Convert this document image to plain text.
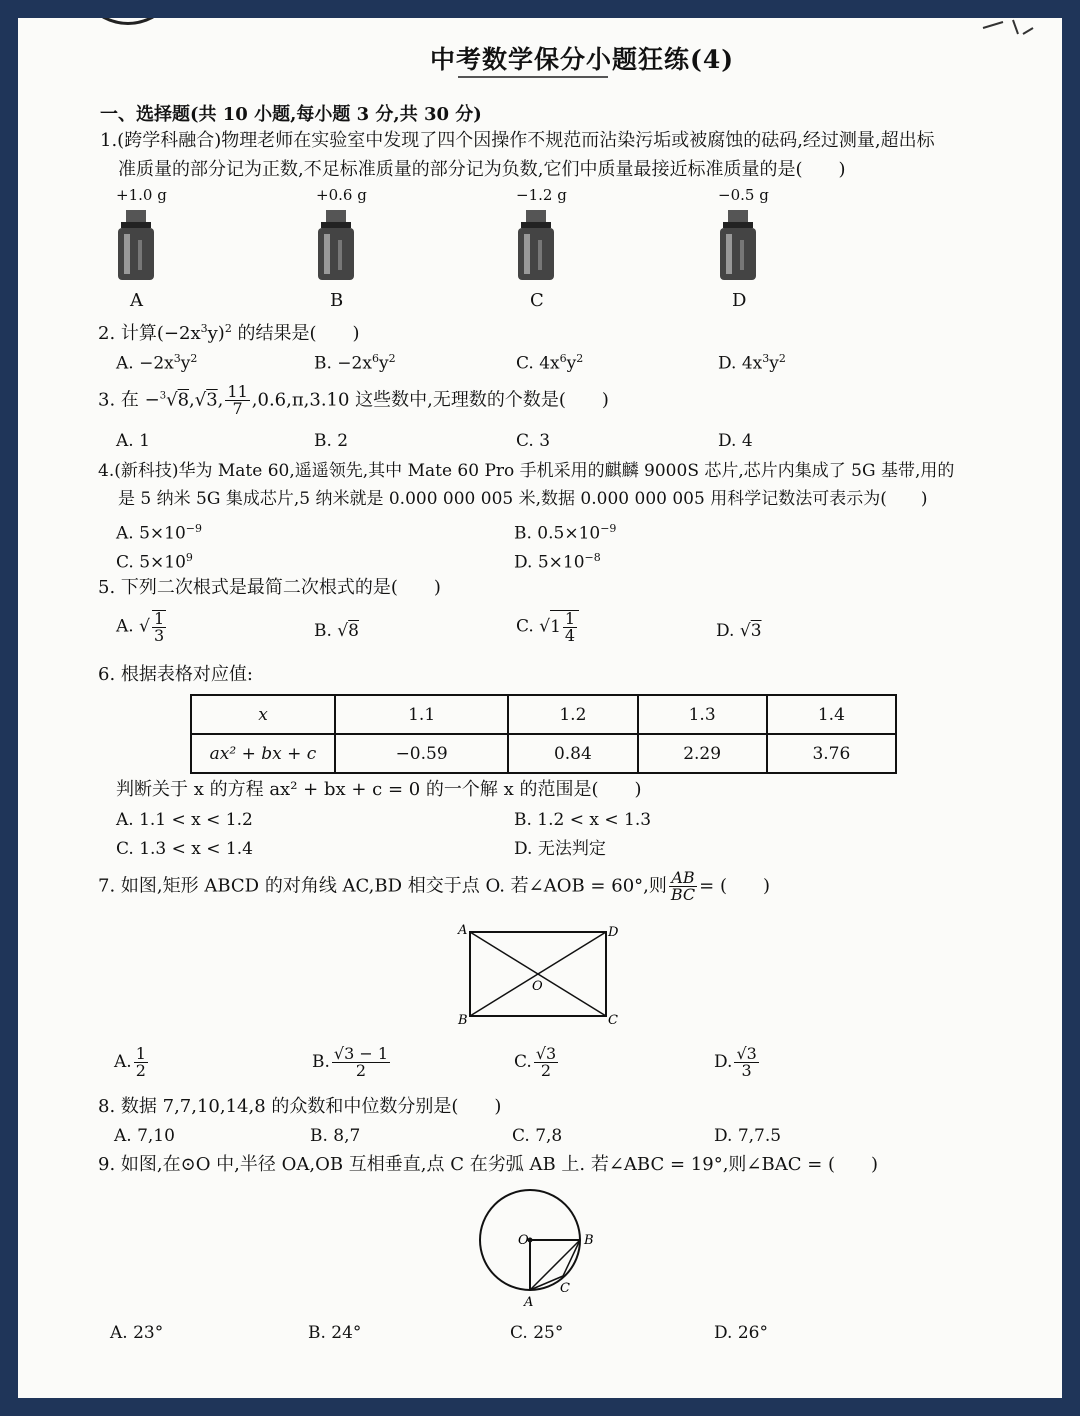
中考数学保分小题狂练(4)
一、选择题(共 10 小题,每小题 3 分,共 30 分)
1.(跨学科融合)物理老师在实验室中发现了四个因操作不规范而沾染污垢或被腐蚀的砝码,经过测量,超出标
准质量的部分记为正数,不足标准质量的部分记为负数,它们中质量最接近标准质量的是(　　)
+1.0 g
A
+0.6 g
B
−1.2 g
C
−0.5 g
D
2. 计算$(-2x^3y)^2$ 的结果是(　　)
A. $-2x^3y^2$	B. $-2x^6y^2$	C. $4x^6y^2$	D. $4x^3y^2$
3. 在 −$^3$√8,√3, $\frac{11}{7} ,0.6,\pi,3.10$ 这些数中,无理数的个数是(　　)
A. 1	B. 2	C. 3	D. 4
4.(新科技)华为 Mate 60,遥遥领先,其中 Mate 60 Pro 手机采用的麒麟 9000S 芯片,芯片内集成了 5G 基带,用的
是 5 纳米 5G 集成芯片,5 纳米就是 0.000 000 005 米,数据 0.000 000 005 用科学记数法可表示为(　　)
A. $5\times 10^{-9}$	B. $0.5\times 10^{-9}$
C. $5\times 10^9$	D. $5\times 10^{-8}$
5. 下列二次根式是最简二次根式的是(　　)
A. √ $\frac{1}{3}$	B. √8	C. $√1 \frac{1}{4}$	D. √3
6. 根据表格对应值:
x	1.1	1.2	1.3	1.4
ax² + bx + c	−0.59	0.84	2.29	3.76
判断关于 x 的方程 ax² + bx + c = 0 的一个解 x 的范围是(　　)
A. 1.1 < x < 1.2	B. 1.2 < x < 1.3
C. 1.3 < x < 1.4	D. 无法判定
7. 如图,矩形 ABCD 的对角线 AC,BD 相交于点 O. 若∠AOB = 60°,则 $\frac{AB}{BC}$ = (　　)
A	D
B	C
O
A. $\frac{1}{2}$	B. $\frac{√3 - 1}{2}$	C. $\frac{√3}{2}$	D. $\frac{√3}{3}$
8. 数据 7,7,10,14,8 的众数和中位数分别是(　　)
A. 7,10	B. 8,7	C. 7,8	D. 7,7.5
9. 如图,在⊙O 中,半径 OA,OB 互相垂直,点 C 在劣弧 AB 上. 若∠ABC = 19°,则∠BAC = (　　)
O	B
A
C
A. 23°	B. 24°	C. 25°	D. 26°
